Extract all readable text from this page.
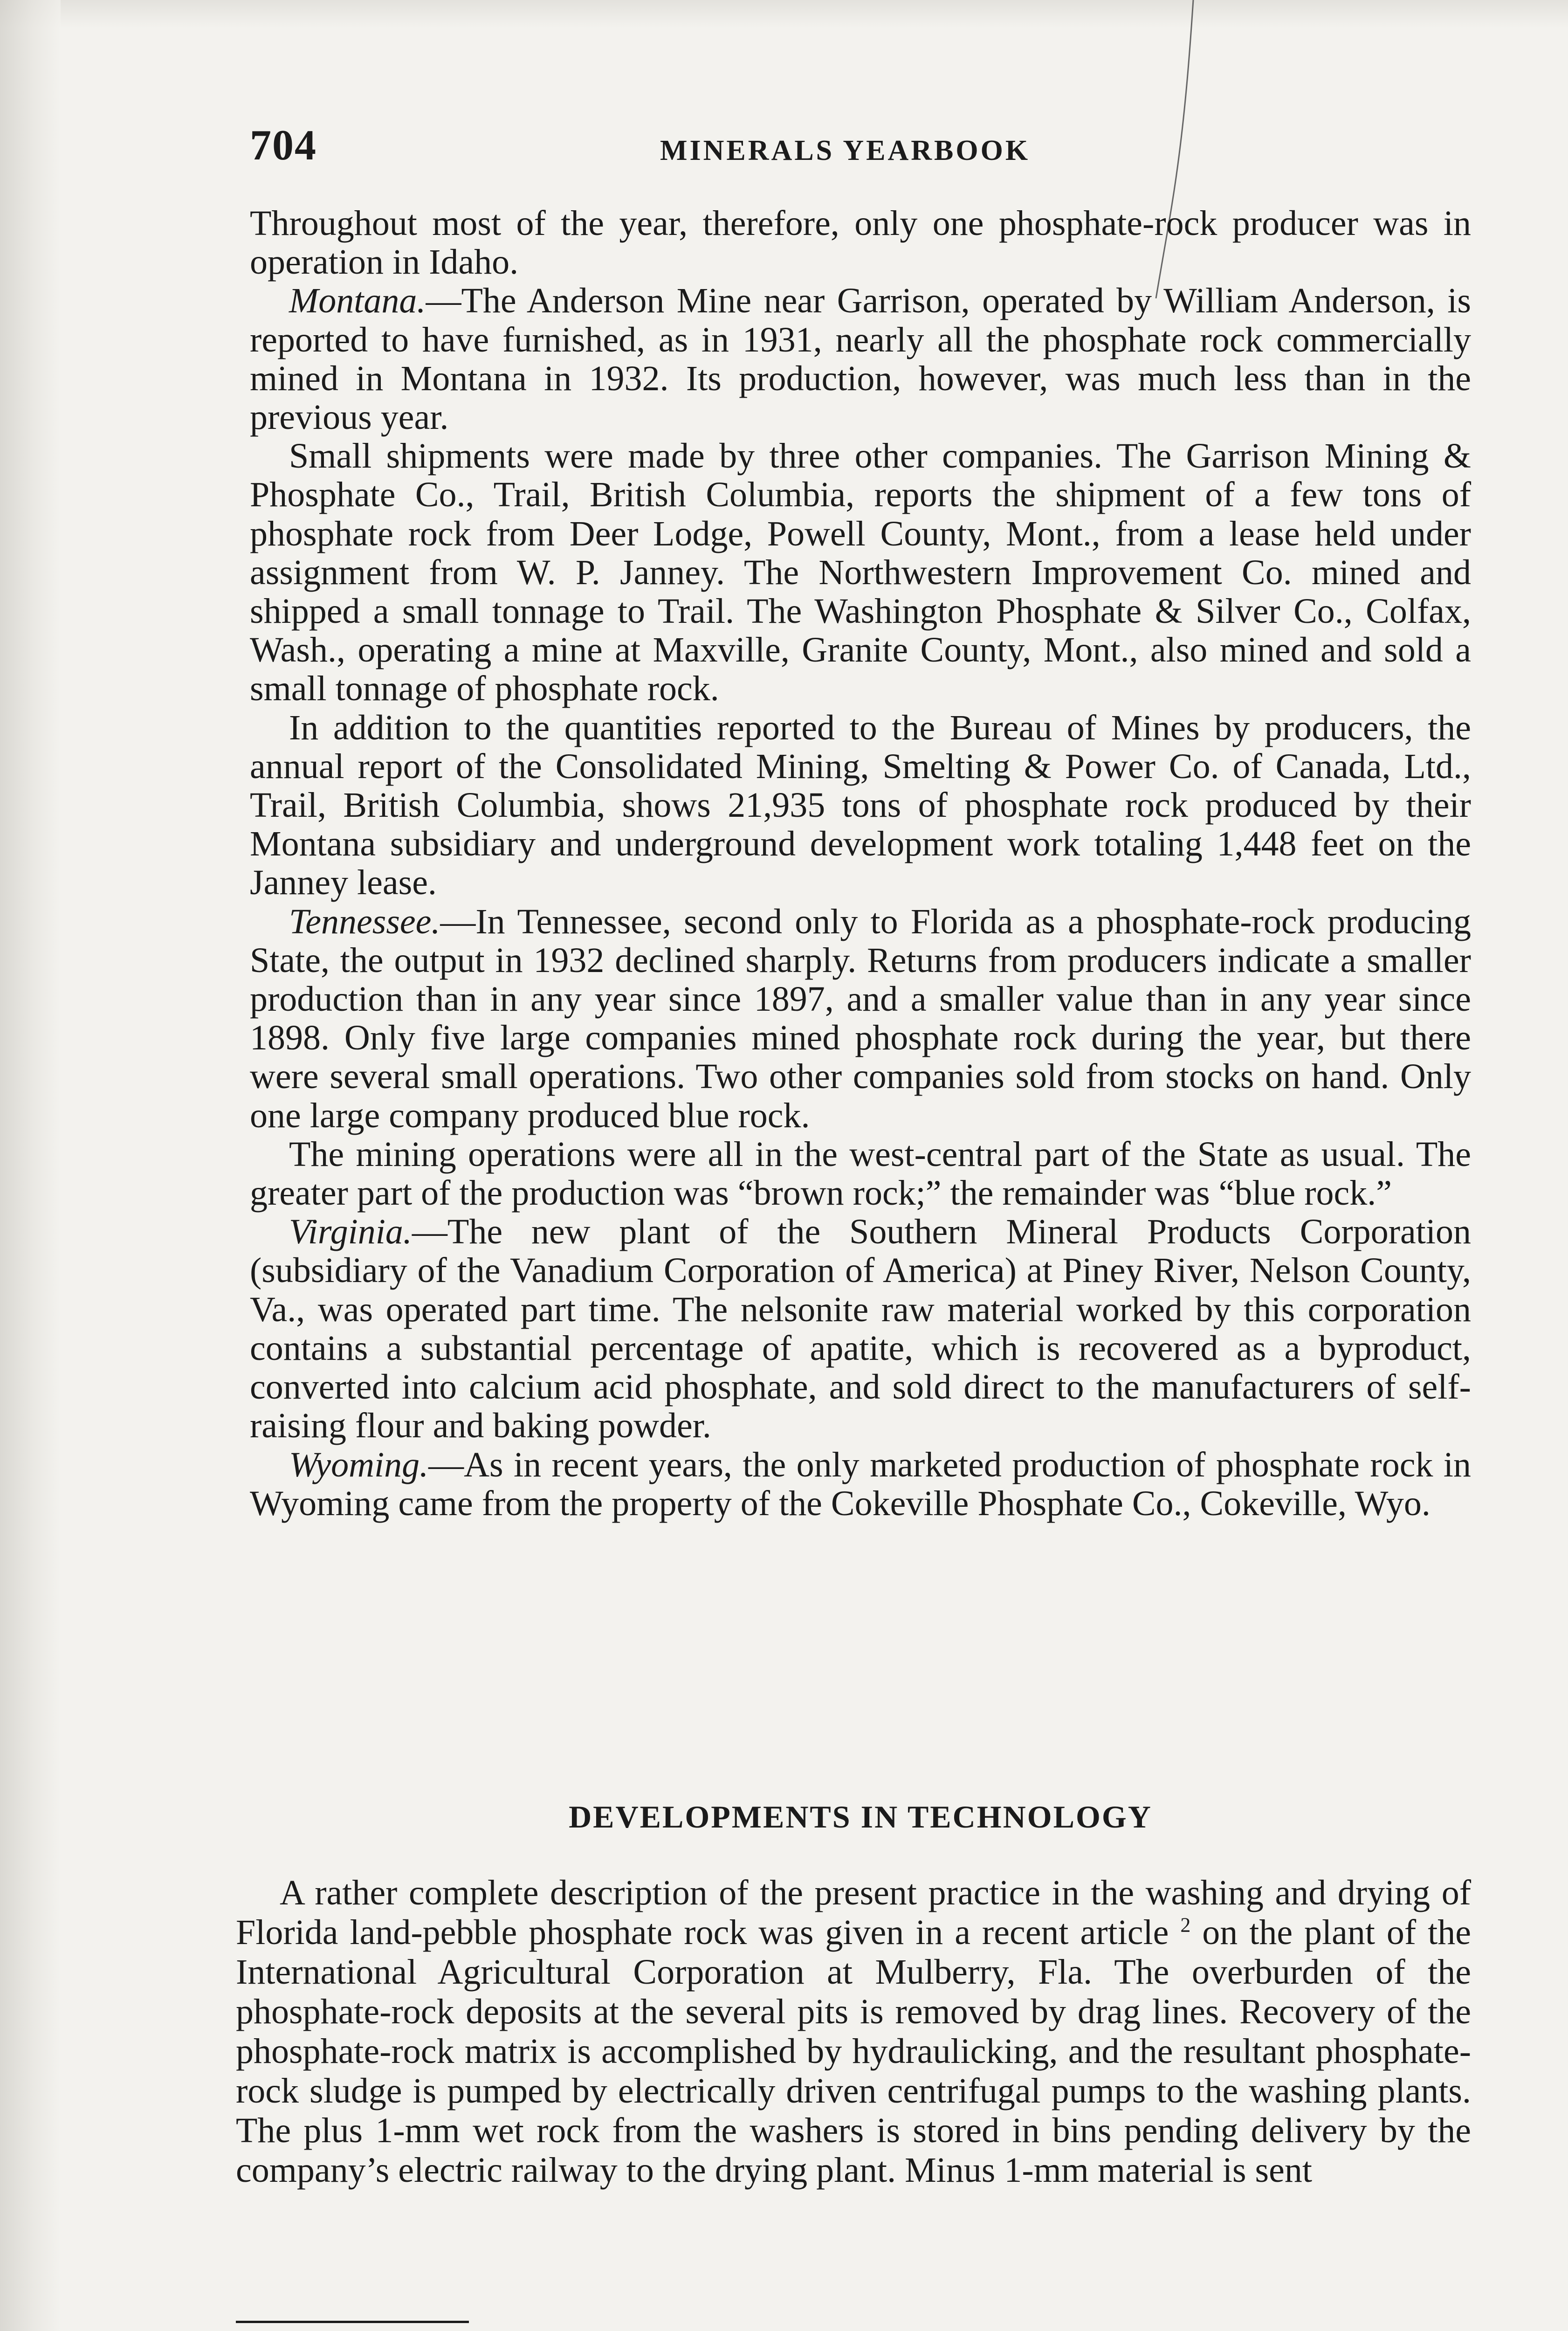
704	MINERALS YEARBOOK

Throughout most of the year, therefore, only one phosphate-rock producer was in operation in Idaho.

Montana.—The Anderson Mine near Garrison, operated by William Anderson, is reported to have furnished, as in 1931, nearly all the phosphate rock commercially mined in Montana in 1932. Its production, however, was much less than in the previous year.

Small shipments were made by three other companies. The Garrison Mining & Phosphate Co., Trail, British Columbia, reports the shipment of a few tons of phosphate rock from Deer Lodge, Powell County, Mont., from a lease held under assignment from W. P. Janney. The Northwestern Improvement Co. mined and shipped a small tonnage to Trail. The Washington Phosphate & Silver Co., Colfax, Wash., operating a mine at Maxville, Granite County, Mont., also mined and sold a small tonnage of phosphate rock.

In addition to the quantities reported to the Bureau of Mines by producers, the annual report of the Consolidated Mining, Smelting & Power Co. of Canada, Ltd., Trail, British Columbia, shows 21,935 tons of phosphate rock produced by their Montana subsidiary and underground development work totaling 1,448 feet on the Janney lease.

Tennessee.—In Tennessee, second only to Florida as a phosphate-rock producing State, the output in 1932 declined sharply. Returns from producers indicate a smaller production than in any year since 1897, and a smaller value than in any year since 1898. Only five large companies mined phosphate rock during the year, but there were several small operations. Two other companies sold from stocks on hand. Only one large company produced blue rock.

The mining operations were all in the west-central part of the State as usual. The greater part of the production was “brown rock;” the remainder was “blue rock.”

Virginia.—The new plant of the Southern Mineral Products Corporation (subsidiary of the Vanadium Corporation of America) at Piney River, Nelson County, Va., was operated part time. The nelsonite raw material worked by this corporation contains a substantial percentage of apatite, which is recovered as a byproduct, converted into calcium acid phosphate, and sold direct to the manufacturers of self-raising flour and baking powder.

Wyoming.—As in recent years, the only marketed production of phosphate rock in Wyoming came from the property of the Cokeville Phosphate Co., Cokeville, Wyo.

DEVELOPMENTS IN TECHNOLOGY

A rather complete description of the present practice in the washing and drying of Florida land-pebble phosphate rock was given in a recent article $^2$ on the plant of the International Agricultural Corporation at Mulberry, Fla. The overburden of the phosphate-rock deposits at the several pits is removed by drag lines. Recovery of the phosphate-rock matrix is accomplished by hydraulicking, and the resultant phosphate-rock sludge is pumped by electrically driven centrifugal pumps to the washing plants. The plus 1-mm wet rock from the washers is stored in bins pending delivery by the company’s electric railway to the drying plant. Minus 1-mm material is sent
